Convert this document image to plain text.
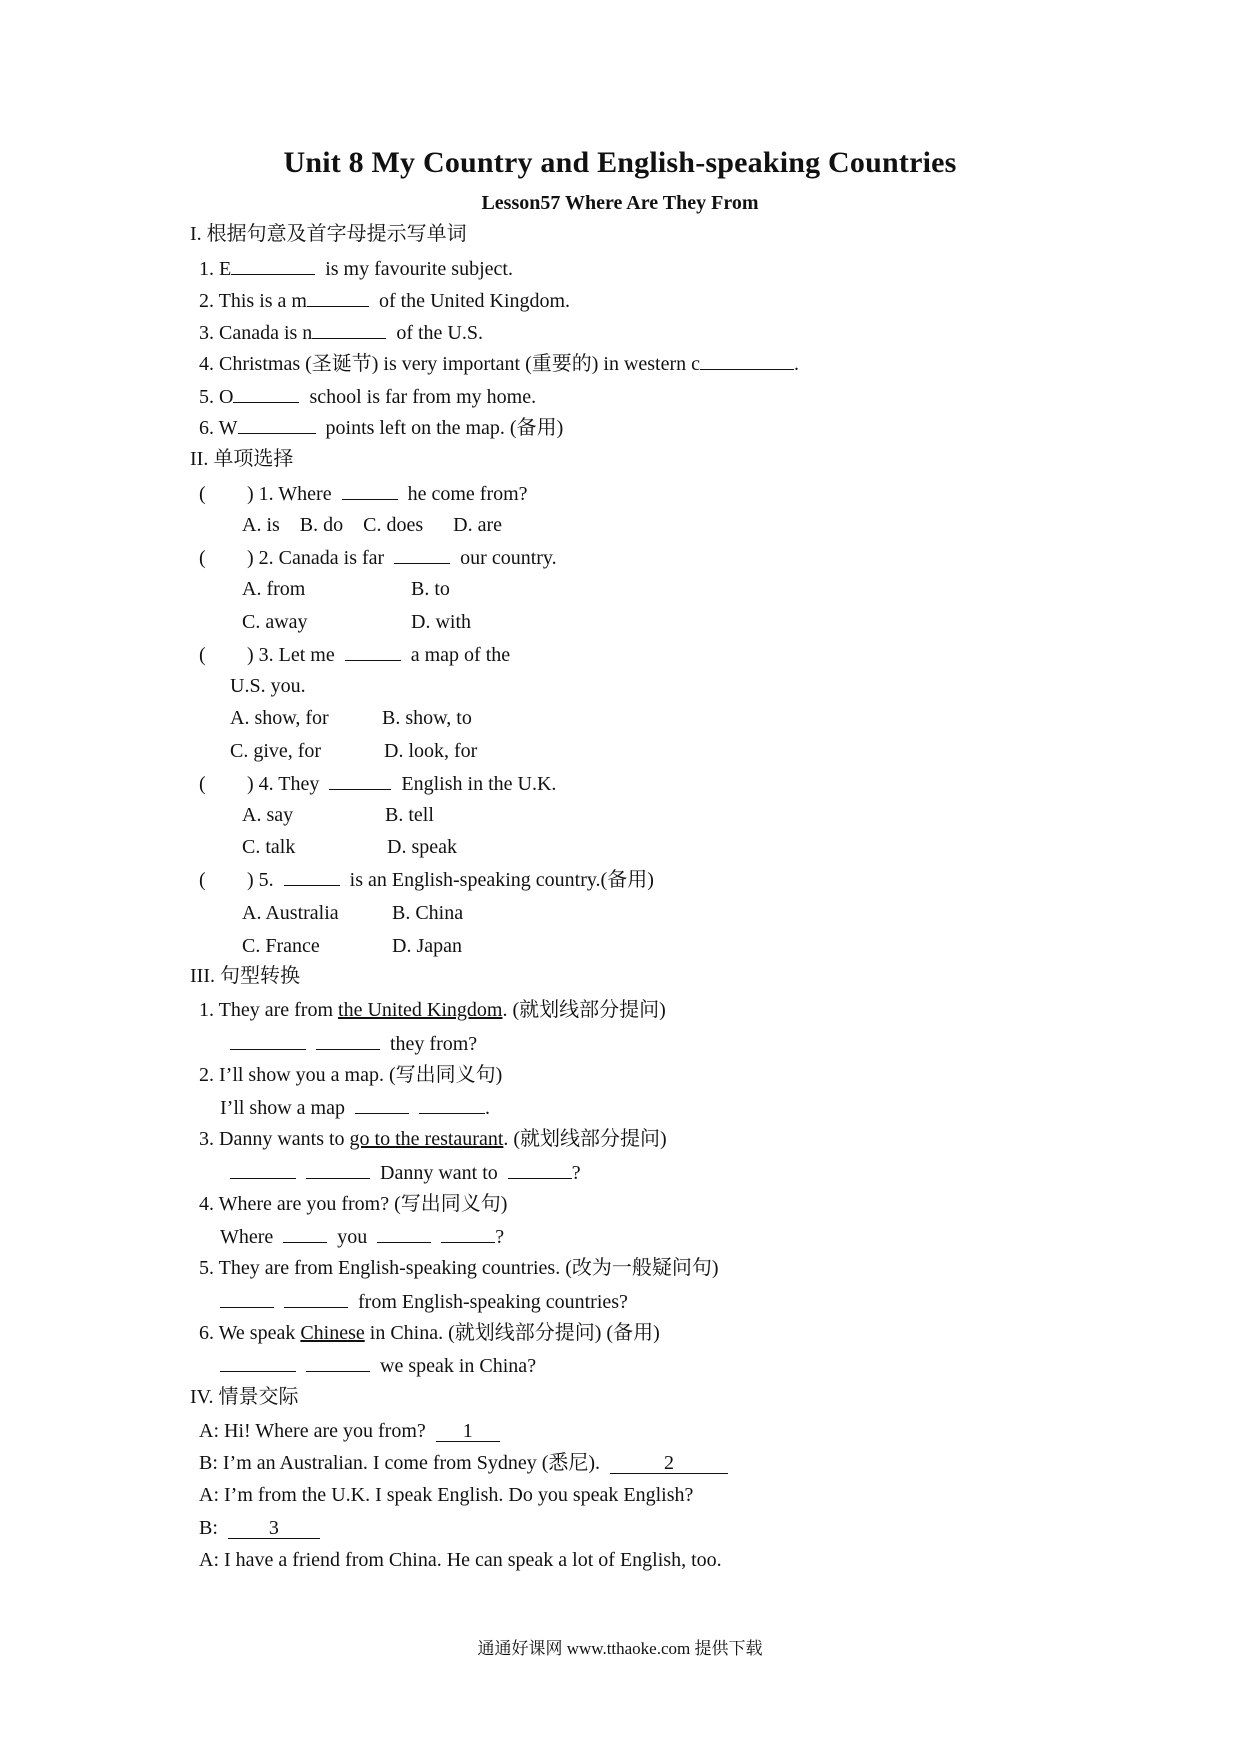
Unit 8 My Country and English-speaking Countries
Lesson57 Where Are They From
I. 根据句意及首字母提示写单词
1. E	is my favourite subject.
2. This is a m	of the United Kingdom.
3. Canada is n	of the U.S.
4. Christmas (圣诞节) is very important (重要的) in western c	.
5. O	school is far from my home.
6. W	points left on the map. (备用)
II. 单项选择
( ) 1. Where	he come from?
A. is B. do C. does D. are
( ) 2. Canada is far	our country.
A. from	B. to
C. away	D. with
( ) 3. Let me	a map of the
U.S. you.
A. show, for	B. show, to
C. give, for	D. look, for
( ) 4. They	English in the U.K.
A. say	B. tell
C. talk	D. speak
( ) 5.	is an English-speaking country.(备用)
A. Australia	B. China
C. France	D. Japan
III. 句型转换
1. They are from the United Kingdom. (就划线部分提问)
they from?
2. I’ll show you a map. (写出同义句)
I’ll show a map	.
3. Danny wants to go to the restaurant. (就划线部分提问)
Danny want to	?
4. Where are you from? (写出同义句)
Where	you	?
5. They are from English-speaking countries. (改为一般疑问句)
from English-speaking countries?
6. We speak Chinese in China. (就划线部分提问) (备用)
we speak in China?
IV. 情景交际
A: Hi! Where are you from? 1
B: I’m an Australian. I come from Sydney (悉尼).	2
A: I’m from the U.K. I speak English. Do you speak English?
B:	3
A: I have a friend from China. He can speak a lot of English, too.
通通好课网 www.tthaoke.com 提供下载
